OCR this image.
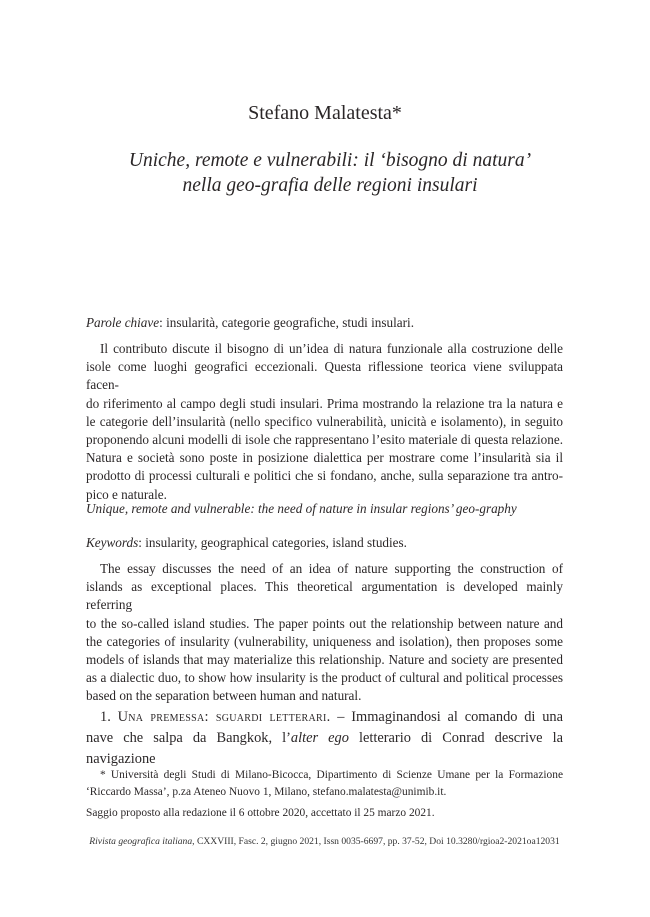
Stefano Malatesta*
Uniche, remote e vulnerabili: il ‘bisogno di natura’
nella geo-grafia delle regioni insulari
Parole chiave: insularità, categorie geografiche, studi insulari.
Il contributo discute il bisogno di un’idea di natura funzionale alla costruzione delle
isole come luoghi geografici eccezionali. Questa riflessione teorica viene sviluppata facen-
do riferimento al campo degli studi insulari. Prima mostrando la relazione tra la natura e
le categorie dell’insularità (nello specifico vulnerabilità, unicità e isolamento), in seguito
proponendo alcuni modelli di isole che rappresentano l’esito materiale di questa relazione.
Natura e società sono poste in posizione dialettica per mostrare come l’insularità sia il
prodotto di processi culturali e politici che si fondano, anche, sulla separazione tra antro-
pico e naturale.
Unique, remote and vulnerable: the need of nature in insular regions’ geo-graphy
Keywords: insularity, geographical categories, island studies.
The essay discusses the need of an idea of nature supporting the construction of
islands as exceptional places. This theoretical argumentation is developed mainly referring
to the so-called island studies. The paper points out the relationship between nature and
the categories of insularity (vulnerability, uniqueness and isolation), then proposes some
models of islands that may materialize this relationship. Nature and society are presented
as a dialectic duo, to show how insularity is the product of cultural and political processes
based on the separation between human and natural.
1. Una premessa: sguardi letterari. – Immaginandosi al comando di una
nave che salpa da Bangkok, l’alter ego letterario di Conrad descrive la navigazione
* Università degli Studi di Milano-Bicocca, Dipartimento di Scienze Umane per la Formazione
‘Riccardo Massa’, p.za Ateneo Nuovo 1, Milano, stefano.malatesta@unimib.it.
Saggio proposto alla redazione il 6 ottobre 2020, accettato il 25 marzo 2021.
Rivista geografica italiana, CXXVIII, Fasc. 2, giugno 2021, Issn 0035-6697, pp. 37-52, Doi 10.3280/rgioa2-2021oa12031
